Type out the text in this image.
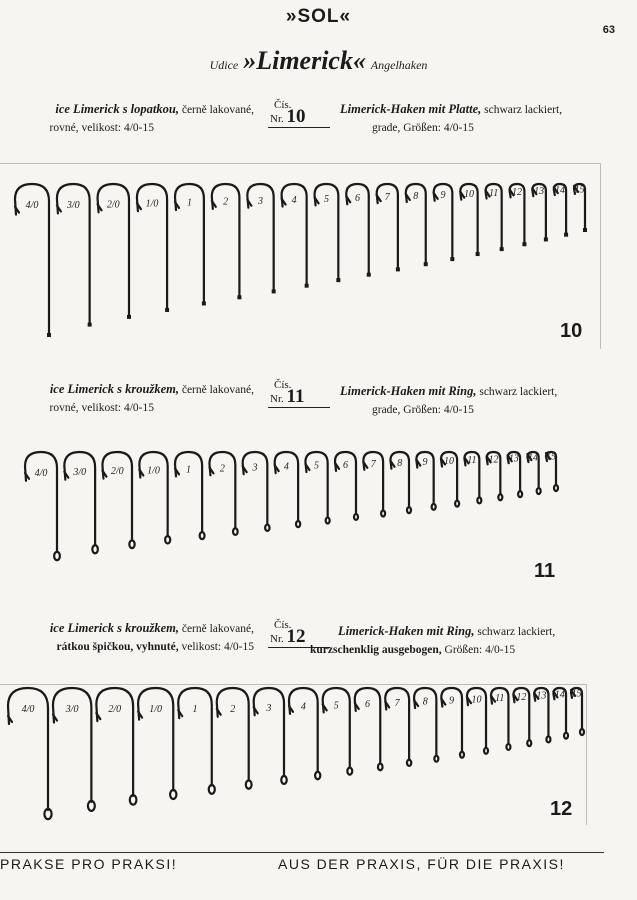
»SOL«
63
Udice »Limerick« Angelhaken
ice Limerick s lopatkou, černě lakované,
rovné, velikost: 4/0-15
Čís.
Nr. 10	Limerick-Haken mit Platte, schwarz lackiert,
grade, Größen: 4/0-15
10
ice Limerick s kroužkem, černě lakované,
rovné, velikost: 4/0-15
Čís.
Nr. 11	Limerick-Haken mit Ring, schwarz lackiert,
grade, Größen: 4/0-15
11
ice Limerick s kroužkem, černě lakované,
rátkou špičkou, vyhnuté, velikost: 4/0-15
Čís.
Nr. 12	Limerick-Haken mit Ring, schwarz lackiert,
kurzschenklig ausgebogen, Größen: 4/0-15
12
4/0	3/0	2/0	1/0	1	2	3	4	5	6 7 8 9 10 11 12 13 14 15
4/0	3/0 2/0 1/0	1	2	3	4	5 6 7 8 9 10 11 12 13 14 15
4/0	3/0	2/0	1/0	1	2	3	4	5	6 7 8 9 10 11 12 13 14 15
PRAKSE PRO PRAKSI!	AUS DER PRAXIS, FÜR DIE PRAXIS!
